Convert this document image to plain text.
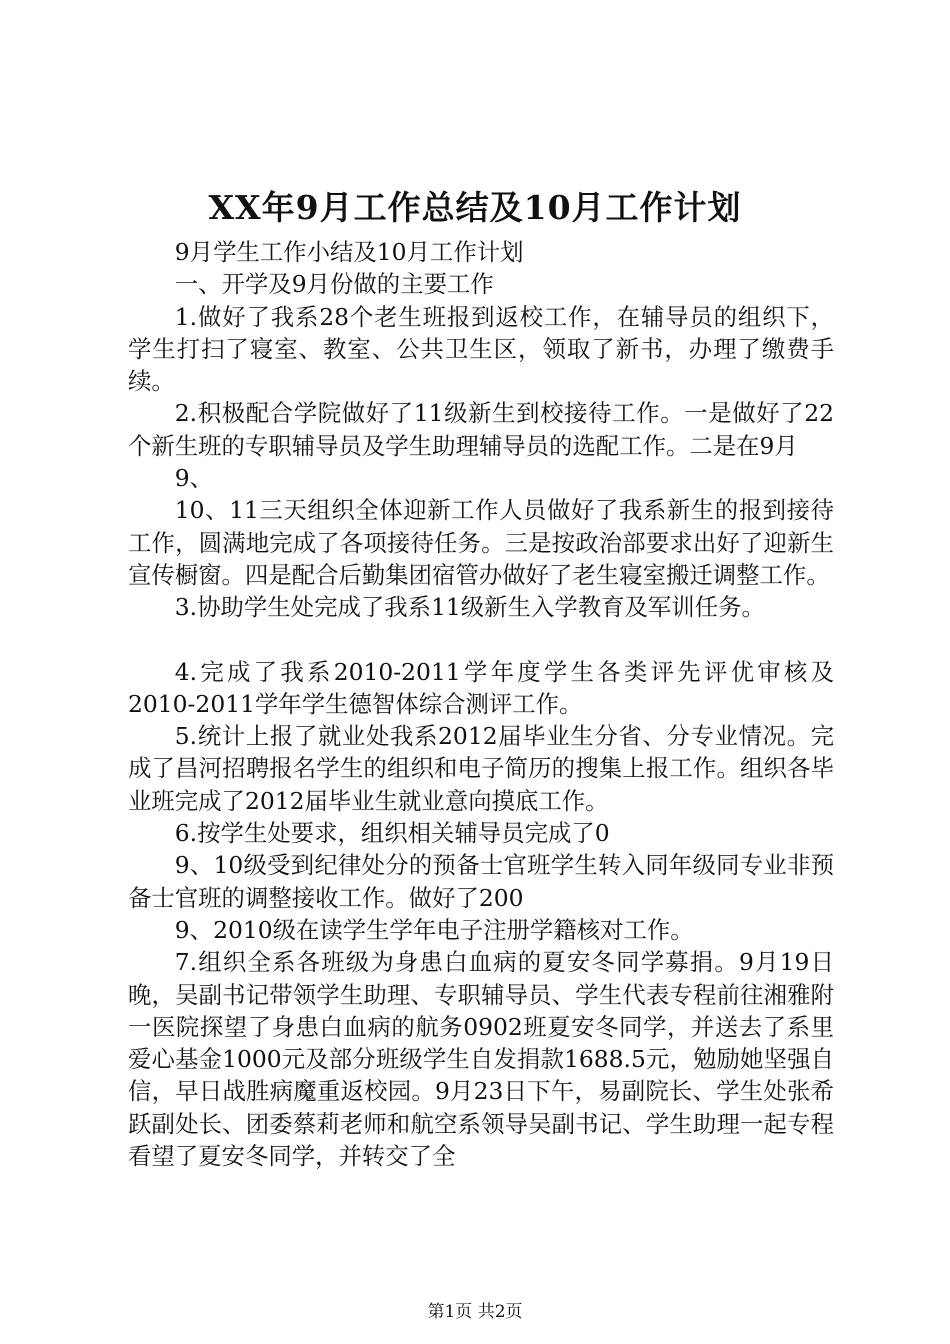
XX年9月工作总结及10月工作计划

9月学生工作小结及10月工作计划

一、开学及9月份做的主要工作

1.做好了我系28个老生班报到返校工作，在辅导员的组织下，学生打扫了寝室、教室、公共卫生区，领取了新书，办理了缴费手续。

2.积极配合学院做好了11级新生到校接待工作。一是做好了22个新生班的专职辅导员及学生助理辅导员的选配工作。二是在9月

9、

10、11三天组织全体迎新工作人员做好了我系新生的报到接待工作，圆满地完成了各项接待任务。三是按政治部要求出好了迎新生宣传橱窗。四是配合后勤集团宿管办做好了老生寝室搬迁调整工作。

3.协助学生处完成了我系11级新生入学教育及军训任务。

4.完成了我系2010-2011学年度学生各类评先评优审核及2010-2011学年学生德智体综合测评工作。

5.统计上报了就业处我系2012届毕业生分省、分专业情况。完成了昌河招聘报名学生的组织和电子简历的搜集上报工作。组织各毕业班完成了2012届毕业生就业意向摸底工作。

6.按学生处要求，组织相关辅导员完成了0

9、10级受到纪律处分的预备士官班学生转入同年级同专业非预备士官班的调整接收工作。做好了200

9、2010级在读学生学年电子注册学籍核对工作。

7.组织全系各班级为身患白血病的夏安冬同学募捐。9月19日晚，吴副书记带领学生助理、专职辅导员、学生代表专程前往湘雅附一医院探望了身患白血病的航务0902班夏安冬同学，并送去了系里爱心基金1000元及部分班级学生自发捐款1688.5元，勉励她坚强自信，早日战胜病魔重返校园。9月23日下午，易副院长、学生处张希跃副处长、团委蔡莉老师和航空系领导吴副书记、学生助理一起专程看望了夏安冬同学，并转交了全

第1页 共2页
